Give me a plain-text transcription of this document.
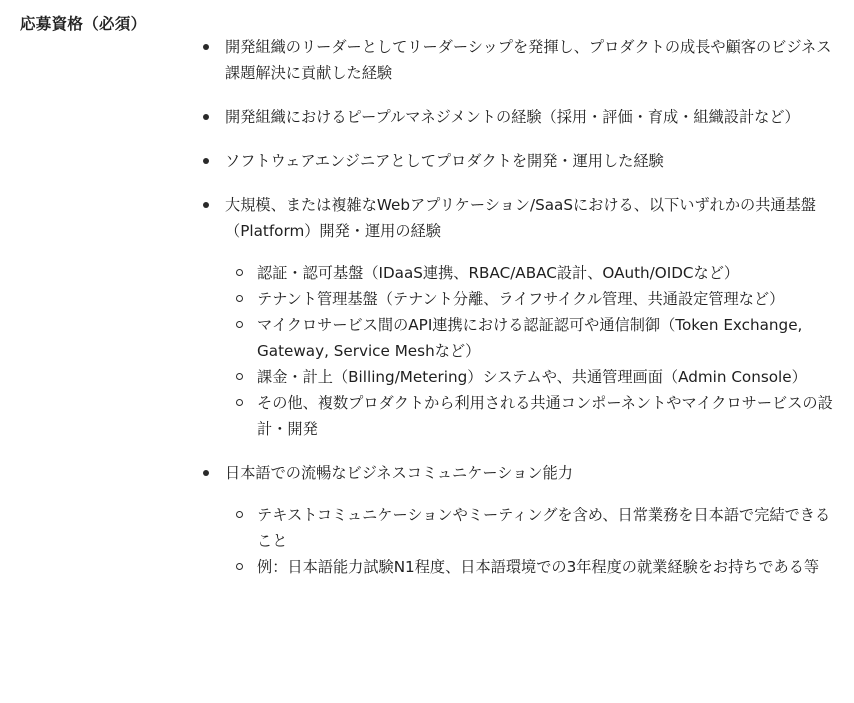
応募資格（必須）
開発組織のリーダーとしてリーダーシップを発揮し、プロダクトの成長や顧客のビジネス課題解決に貢献した経験
開発組織におけるピープルマネジメントの経験（採用・評価・育成・組織設計など）
ソフトウェアエンジニアとしてプロダクトを開発・運用した経験
大規模、または複雑なWebアプリケーション/SaaSにおける、以下いずれかの共通基盤（Platform）開発・運用の経験
認証・認可基盤（IDaaS連携、RBAC/ABAC設計、OAuth/OIDCなど）
テナント管理基盤（テナント分離、ライフサイクル管理、共通設定管理など）
マイクロサービス間のAPI連携における認証認可や通信制御（Token Exchange, Gateway, Service Meshなど）
課金・計上（Billing/Metering）システムや、共通管理画面（Admin Console）
その他、複数プロダクトから利用される共通コンポーネントやマイクロサービスの設計・開発
日本語での流暢なビジネスコミュニケーション能力
テキストコミュニケーションやミーティングを含め、日常業務を日本語で完結できること
例：日本語能力試験N1程度、日本語環境での3年程度の就業経験をお持ちである等
